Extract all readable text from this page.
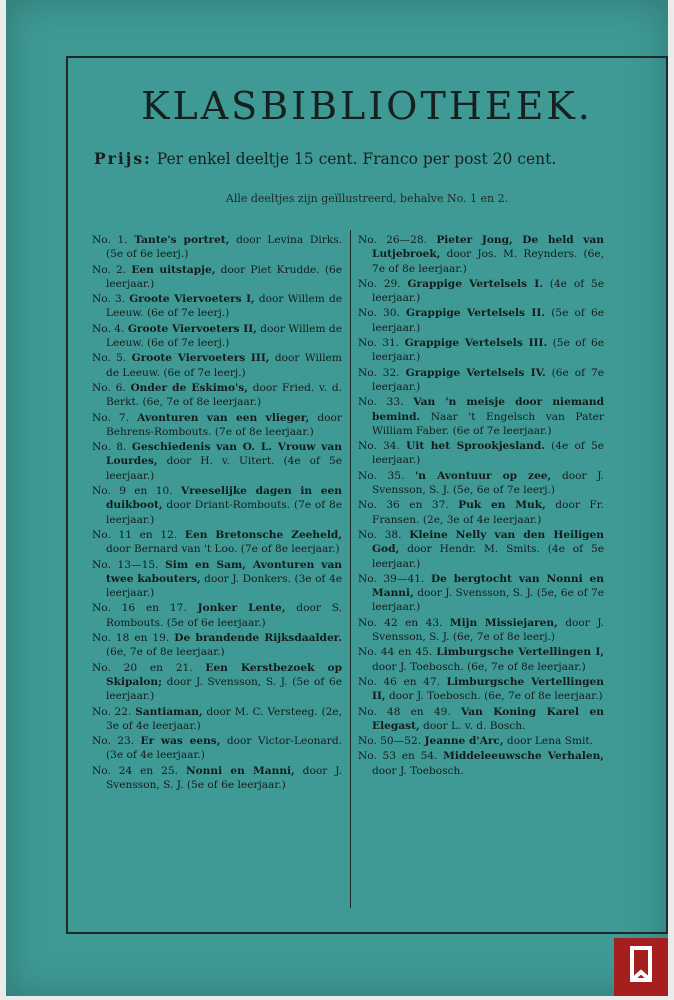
KLASBIBLIOTHEEK.
Prijs: Per enkel deeltje 15 cent. Franco per post 20 cent.
Alle deeltjes zijn geïllustreerd, behalve No. 1 en 2.
No. 1. Tante's portret, door Levina Dirks. (5e of 6e leerj.)
No. 2. Een uitstapje, door Piet Krudde. (6e leerjaar.)
No. 3. Groote Viervoeters I, door Willem de Leeuw. (6e of 7e leerj.)
No. 4. Groote Viervoeters II, door Willem de Leeuw. (6e of 7e leerj.)
No. 5. Groote Viervoeters III, door Willem de Leeuw. (6e of 7e leerj.)
No. 6. Onder de Eskimo's, door Fried. v. d. Berkt. (6e, 7e of 8e leerjaar.)
No. 7. Avonturen van een vlieger, door Behrens-Rombouts. (7e of 8e leerjaar.)
No. 8. Geschiedenis van O. L. Vrouw van Lourdes, door H. v. Uitert. (4e of 5e leerjaar.)
No. 9 en 10. Vreeselijke dagen in een duikboot, door Driant-Rombouts. (7e of 8e leerjaar.)
No. 11 en 12. Een Bretonsche Zeeheld, door Bernard van 't Loo. (7e of 8e leerjaar.)
No. 13—15. Sim en Sam, Avonturen van twee kabouters, door J. Donkers. (3e of 4e leerjaar.)
No. 16 en 17. Jonker Lente, door S. Rombouts. (5e of 6e leerjaar.)
No. 18 en 19. De brandende Rijksdaalder. (6e, 7e of 8e leerjaar.)
No. 20 en 21. Een Kerstbezoek op Skipalon; door J. Svensson, S. J. (5e of 6e leerjaar.)
No. 22. Santiaman, door M. C. Versteeg. (2e, 3e of 4e leerjaar.)
No. 23. Er was eens, door Victor-Leonard. (3e of 4e leerjaar.)
No. 24 en 25. Nonni en Manni, door J. Svensson, S. J. (5e of 6e leerjaar.)
No. 26—28. Pieter Jong, De held van Lutjebroek, door Jos. M. Reynders. (6e, 7e of 8e leerjaar.)
No. 29. Grappige Vertelsels I. (4e of 5e leerjaar.)
No. 30. Grappige Vertelsels II. (5e of 6e leerjaar.)
No. 31. Grappige Vertelsels III. (5e of 6e leerjaar.)
No. 32. Grappige Vertelsels IV. (6e of 7e leerjaar.)
No. 33. Van 'n meisje door niemand bemind. Naar 't Engelsch van Pater William Faber. (6e of 7e leerjaar.)
No. 34. Uit het Sprookjesland. (4e of 5e leerjaar.)
No. 35. 'n Avontuur op zee, door J. Svensson, S. J. (5e, 6e of 7e leerj.)
No. 36 en 37. Puk en Muk, door Fr. Fransen. (2e, 3e of 4e leerjaar.)
No. 38. Kleine Nelly van den Heiligen God, door Hendr. M. Smits. (4e of 5e leerjaar.)
No. 39—41. De bergtocht van Nonni en Manni, door J. Svensson, S. J. (5e, 6e of 7e leerjaar.)
No. 42 en 43. Mijn Missiejaren, door J. Svensson, S. J. (6e, 7e of 8e leerj.)
No. 44 en 45. Limburgsche Vertellingen I, door J. Toebosch. (6e, 7e of 8e leerjaar.)
No. 46 en 47. Limburgsche Vertellingen II, door J. Toebosch. (6e, 7e of 8e leerjaar.)
No. 48 en 49. Van Koning Karel en Elegast, door L. v. d. Bosch.
No. 50—52. Jeanne d'Arc, door Lena Smit.
No. 53 en 54. Middeleeuwsche Verhalen, door J. Toebosch.
